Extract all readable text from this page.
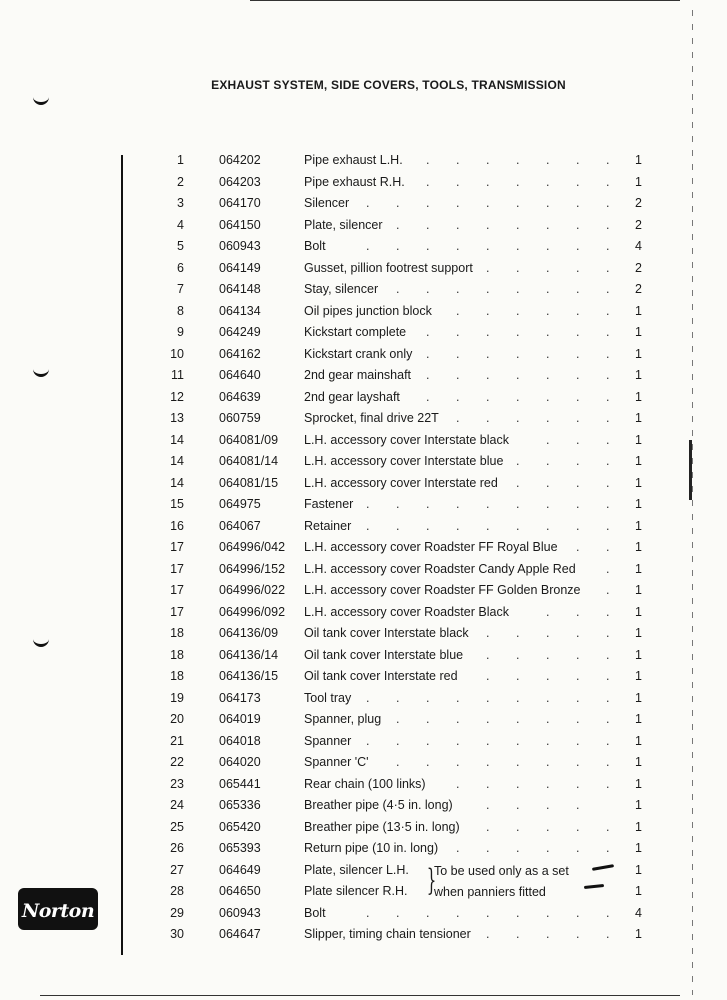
EXHAUST SYSTEM, SIDE COVERS, TOOLS, TRANSMISSION
1	064202	Pipe exhaust L.H.	1
. . . . . . .
2	064203	Pipe exhaust R.H.	1
. . . . . . .
3	064170	Silencer	2
. . . . . . . . .
4	064150	Plate, silencer	2
. . . . . . . .
5	060943	Bolt	4
. . . . . . . . .
6	064149	Gusset, pillion footrest support	2
. . . . .
7	064148	Stay, silencer	2
. . . . . . . .
8	064134	Oil pipes junction block	1
. . . . . .
9	064249	Kickstart complete	1
. . . . . . .
10	064162	Kickstart crank only	1
. . . . . . .
11	064640	2nd gear mainshaft	1
. . . . . . .
12	064639	2nd gear layshaft	1
. . . . . . .
13	060759	Sprocket, final drive 22T	1
. . . . . .
14	064081/09 L.H. accessory cover Interstate black	1
. . .
14	064081/14 L.H. accessory cover Interstate blue	1
. . . .
14	064081/15 L.H. accessory cover Interstate red	1
. . . .
15	064975	Fastener	1
. . . . . . . . .
16	064067	Retainer	1
. . . . . . . . .
17	064996/042 L.H. accessory cover Roadster FF Royal Blue	1
. .
17	064996/152 L.H. accessory cover Roadster Candy Apple Red	1
.
17	064996/022 L.H. accessory cover Roadster FF Golden Bronze	1
.
17	064996/092 L.H. accessory cover Roadster Black	1
. . .
18	064136/09 Oil tank cover Interstate black	1
. . . . .
18	064136/14 Oil tank cover Interstate blue	1
. . . . .
18	064136/15 Oil tank cover Interstate red	1
. . . . .
19	064173	Tool tray	1
. . . . . . . . .
20	064019	Spanner, plug	1
. . . . . . . .
21	064018	Spanner	1
. . . . . . . . .
22	064020	Spanner 'C'	1
. . . . . . . .
23	065441	Rear chain (100 links)	1
. . . . . .
24	065336	Breather pipe (4·5 in. long)	1
. . . .
25	065420	Breather pipe (13·5 in. long)	1
. . . . .
26	065393	Return pipe (10 in. long)	1
. . . . . .
27	064649	Plate, silencer L.H.	1
28	064650	Plate silencer R.H.	1
29	060943	Bolt	4
. . . . . . . . .
30	064647	Slipper, timing chain tensioner	1
. . . . .
}
To be used only as a set
when panniers fitted
Norton
